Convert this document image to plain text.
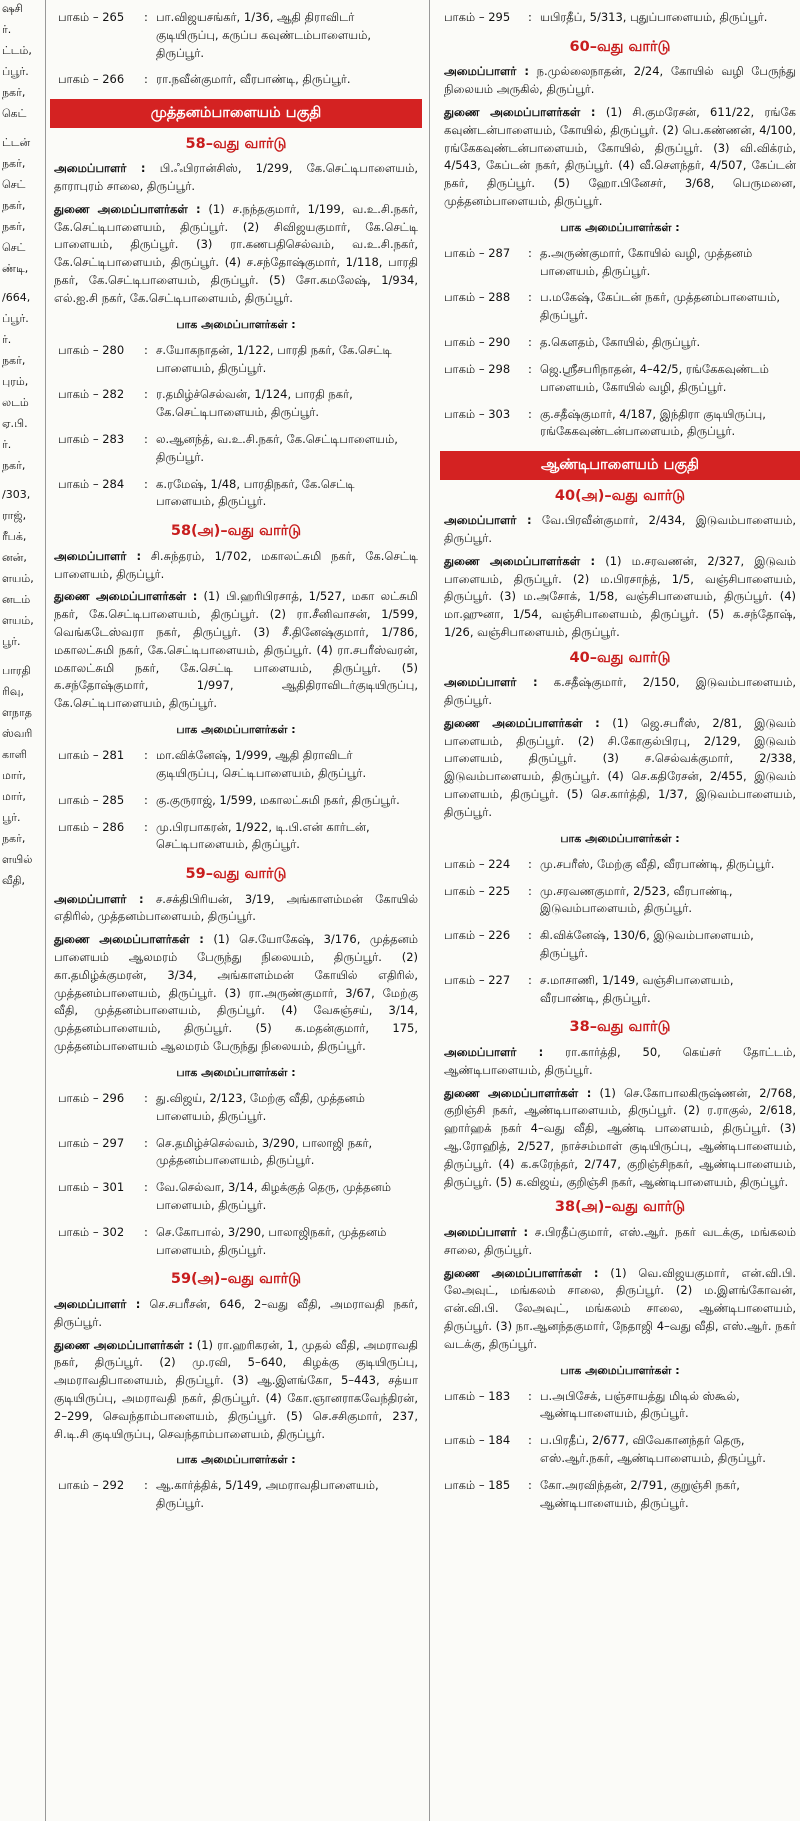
ஷசி
ர்.
ட்டம்,
ப்பூர்.
நகர்,
கெட்
ட்டன்
நகர்,
செட்
நகர்,
நகர்,
செட்
ண்டி,
/664,
ப்பூர்.
ர்.
நகர்,
புரம்,
லடம்
ஏ.பி.
ர்.
நகர்,
/303,
ராஜ்,
ரீபக்,
னன்,
ளயம்,
னடம்
ளயம்,
பூர்.
பாரதி
ரிவு,
ளநாத
ஸ்வரி
காளி
மார்,
மார்,
பூர்.
நகர்,
ளயில்
வீதி,
பாகம் – 265	: பா.விஜயசங்கர், 1/36, ஆதி திராவிடர் குடியிருப்பு, கருப்ப கவுண்டம்பாளையம், திருப்பூர்.
பாகம் – 266	: ரா.நவீன்குமார், வீரபாண்டி, திருப்பூர்.
முத்தனம்பாளையம் பகுதி
58–வது வார்டு
அமைப்பாளர் : பி.ஃபிரான்சிஸ், 1/299, கே.செட்டிபாளையம், தாராபுரம் சாலை, திருப்பூர்.
துணை அமைப்பாளர்கள் : (1) ச.நந்தகுமார், 1/199, வ.உ.சி.நகர், கே.செட்டிபாளையம், திருப்பூர். (2) சிவிஜயகுமார், கே.செட்டி பாளையம், திருப்பூர். (3) ரா.கணபதிசெல்வம், வ.உ.சி.நகர், கே.செட்டிபாளையம், திருப்பூர். (4) ச.சந்தோஷ்குமார், 1/118, பாரதி நகர், கே.செட்டிபாளையம், திருப்பூர். (5) சோ.கமலேஷ், 1/934, எல்.ஐ.சி நகர், கே.செட்டிபாளையம், திருப்பூர்.
பாக அமைப்பாளர்கள் :
பாகம் – 280	: ச.யோகநாதன், 1/122, பாரதி நகர், கே.செட்டி பாளையம், திருப்பூர்.
பாகம் – 282	: ர.தமிழ்ச்செல்வன், 1/124, பாரதி நகர், கே.செட்டிபாளையம், திருப்பூர்.
பாகம் – 283	: ல.ஆனந்த், வ.உ.சி.நகர், கே.செட்டிபாளையம், திருப்பூர்.
பாகம் – 284	: க.ரமேஷ், 1/48, பாரதிநகர், கே.செட்டி பாளையம், திருப்பூர்.
58(அ)–வது வார்டு
அமைப்பாளர் : சி.சுந்தரம், 1/702, மகாலட்சுமி நகர், கே.செட்டி பாளையம், திருப்பூர்.
துணை அமைப்பாளர்கள் : (1) பி.ஹரிபிரசாத், 1/527, மகா லட்சுமி நகர், கே.செட்டிபாளையம், திருப்பூர். (2) ரா.சீனிவாசன், 1/599, வெங்கடேஸ்வரா நகர், திருப்பூர். (3) சீ.தினேஷ்குமார், 1/786, மகாலட்சுமி நகர், கே.செட்டிபாளையம், திருப்பூர். (4) ரா.சபரீஸ்வரன், மகாலட்சுமி நகர், கே.செட்டி பாளையம், திருப்பூர். (5) க.சந்தோஷ்குமார், 1/997, ஆதிதிராவிடர்குடியிருப்பு, கே.செட்டிபாளையம், திருப்பூர்.
பாக அமைப்பாளர்கள் :
பாகம் – 281	: மா.விக்னேஷ், 1/999, ஆதி திராவிடர் குடியிருப்பு, செட்டிபாளையம், திருப்பூர்.
பாகம் – 285	: கு.குருராஜ், 1/599, மகாலட்சுமி நகர், திருப்பூர்.
பாகம் – 286	: மு.பிரபாகரன், 1/922, டி.பி.என் கார்டன், செட்டிபாளையம், திருப்பூர்.
59–வது வார்டு
அமைப்பாளர் : ச.சக்திபிரியன், 3/19, அங்காளம்மன் கோயில் எதிரில், முத்தனம்பாளையம், திருப்பூர்.
துணை அமைப்பாளர்கள் : (1) செ.யோகேஷ், 3/176, முத்தனம் பாளையம் ஆலமரம் பேருந்து நிலையம், திருப்பூர். (2) கா.தமிழ்க்குமரன், 3/34, அங்காளம்மன் கோயில் எதிரில், முத்தனம்பாளையம், திருப்பூர். (3) ரா.அருண்குமார், 3/67, மேற்கு வீதி, முத்தனம்பாளையம், திருப்பூர். (4) வேசுஞ்சய், 3/14, முத்தனம்பாளையம், திருப்பூர். (5) க.மதன்குமார், 175, முத்தனம்பாளையம் ஆலமரம் பேருந்து நிலையம், திருப்பூர்.
பாக அமைப்பாளர்கள் :
பாகம் – 296	: து.விஜய், 2/123, மேற்கு வீதி, முத்தனம் பாளையம், திருப்பூர்.
பாகம் – 297	: செ.தமிழ்ச்செல்வம், 3/290, பாலாஜி நகர், முத்தனம்பாளையம், திருப்பூர்.
பாகம் – 301	: வே.செல்வா, 3/14, கிழக்குத் தெரு, முத்தனம் பாளையம், திருப்பூர்.
பாகம் – 302	: செ.கோபால், 3/290, பாலாஜிநகர், முத்தனம் பாளையம், திருப்பூர்.
59(அ)–வது வார்டு
அமைப்பாளர் : செ.சபரீசன், 646, 2–வது வீதி, அமராவதி நகர், திருப்பூர்.
துணை அமைப்பாளர்கள் : (1) ரா.ஹரிகரன், 1, முதல் வீதி, அமராவதி நகர், திருப்பூர். (2) மு.ரவி, 5–640, கிழக்கு குடியிருப்பு, அமராவதிபாளையம், திருப்பூர். (3) ஆ.இளங்கோ, 5–443, சத்யா குடியிருப்பு, அமராவதி நகர், திருப்பூர். (4) கோ.ஞானராகவேந்திரன், 2–299, செவந்தாம்பாளையம், திருப்பூர். (5) செ.சசிகுமார், 237, சி.டி.சி குடியிருப்பு, செவந்தாம்பாளையம், திருப்பூர்.
பாக அமைப்பாளர்கள் :
பாகம் – 292	: ஆ.கார்த்திக், 5/149, அமராவதிபாளையம், திருப்பூர்.
பாகம் – 295	: யபிரதீப், 5/313, புதுப்பாளையம், திருப்பூர்.
60–வது வார்டு
அமைப்பாளர் : ந.முல்லைநாதன், 2/24, கோயில் வழி பேருந்து நிலையம் அருகில், திருப்பூர்.
துணை அமைப்பாளர்கள் : (1) சி.குமரேசன், 611/22, ரங்கே கவுண்டன்பாளையம், கோயில், திருப்பூர். (2) பெ.கண்ணன், 4/100, ரங்கேகவுண்டன்பாளையம், கோயில், திருப்பூர். (3) வி.விக்ரம், 4/543, கேப்டன் நகர், திருப்பூர். (4) வீ.சௌந்தர், 4/507, கேப்டன் நகர், திருப்பூர். (5) ஹோ.பினேசர், 3/68, பெருமனை, முத்தனம்பாளையம், திருப்பூர்.
பாக அமைப்பாளர்கள் :
பாகம் – 287	: த.அருண்குமார், கோயில் வழி, முத்தனம் பாளையம், திருப்பூர்.
பாகம் – 288	: ப.மகேஷ், கேப்டன் நகர், முத்தனம்பாளையம், திருப்பூர்.
பாகம் – 290	: த.கௌதம், கோயில், திருப்பூர்.
பாகம் – 298	: ஜெ.ஸ்ரீசபரிநாதன், 4–42/5, ரங்கேகவுண்டம் பாளையம், கோயில் வழி, திருப்பூர்.
பாகம் – 303	: கு.சதீஷ்குமார், 4/187, இந்திரா குடியிருப்பு, ரங்கேகவுண்டன்பாளையம், திருப்பூர்.
ஆண்டிபாளையம் பகுதி
40(அ)–வது வார்டு
அமைப்பாளர் : வே.பிரவீன்குமார், 2/434, இடுவம்பாளையம், திருப்பூர்.
துணை அமைப்பாளர்கள் : (1) ம.சரவணன், 2/327, இடுவம் பாளையம், திருப்பூர். (2) ம.பிரசாந்த், 1/5, வஞ்சிபாளையம், திருப்பூர். (3) ம.அசோக், 1/58, வஞ்சிபாளையம், திருப்பூர். (4) மா.ஹுனா, 1/54, வஞ்சிபாளையம், திருப்பூர். (5) க.சந்தோஷ், 1/26, வஞ்சிபாளையம், திருப்பூர்.
40–வது வார்டு
அமைப்பாளர் : க.சதீஷ்குமார், 2/150, இடுவம்பாளையம், திருப்பூர்.
துணை அமைப்பாளர்கள் : (1) ஜெ.சபரீஸ், 2/81, இடுவம் பாளையம், திருப்பூர். (2) சி.கோகுல்பிரபு, 2/129, இடுவம் பாளையம், திருப்பூர். (3) ச.செல்வக்குமார், 2/338, இடுவம்பாளையம், திருப்பூர். (4) செ.கதிரேசன், 2/455, இடுவம் பாளையம், திருப்பூர். (5) செ.கார்த்தி, 1/37, இடுவம்பாளையம், திருப்பூர்.
பாக அமைப்பாளர்கள் :
பாகம் – 224	: மு.சபரீஸ், மேற்கு வீதி, வீரபாண்டி, திருப்பூர்.
பாகம் – 225	: மு.சரவணகுமார், 2/523, வீரபாண்டி, இடுவம்பாளையம், திருப்பூர்.
பாகம் – 226	: கி.விக்னேஷ், 130/6, இடுவம்பாளையம், திருப்பூர்.
பாகம் – 227	: ச.மாசாணி, 1/149, வஞ்சிபாளையம், வீரபாண்டி, திருப்பூர்.
38–வது வார்டு
அமைப்பாளர் : ரா.கார்த்தி, 50, கெய்சர் தோட்டம், ஆண்டிபாளையம், திருப்பூர்.
துணை அமைப்பாளர்கள் : (1) செ.கோபாலகிருஷ்ணன், 2/768, குறிஞ்சி நகர், ஆண்டிபாளையம், திருப்பூர். (2) ர.ராகுல், 2/618, ஹார்ஹக் நகர் 4–வது வீதி, ஆண்டி பாளையம், திருப்பூர். (3) ஆ.ரோஹித், 2/527, நாச்சம்மாள் குடியிருப்பு, ஆண்டிபாளையம், திருப்பூர். (4) க.சுரேந்தர், 2/747, குறிஞ்சிநகர், ஆண்டிபாளையம், திருப்பூர். (5) க.விஜய், குறிஞ்சி நகர், ஆண்டிபாளையம், திருப்பூர்.
38(அ)–வது வார்டு
அமைப்பாளர் : ச.பிரதீப்குமார், எஸ்.ஆர். நகர் வடக்கு, மங்கலம் சாலை, திருப்பூர்.
துணை அமைப்பாளர்கள் : (1) வெ.விஜயகுமார், என்.வி.பி. லேஅவுட், மங்கலம் சாலை, திருப்பூர். (2) ம.இளங்கோவன், என்.வி.பி. லேஅவுட், மங்கலம் சாலை, ஆண்டிபாளையம், திருப்பூர். (3) நா.ஆனந்தகுமார், நேதாஜி 4–வது வீதி, எஸ்.ஆர். நகர் வடக்கு, திருப்பூர்.
பாக அமைப்பாளர்கள் :
பாகம் – 183	: ப.அபிசேக், பஞ்சாயத்து மிடில் ஸ்கூல், ஆண்டிபாளையம், திருப்பூர்.
பாகம் – 184	: ப.பிரதீப், 2/677, விவேகானந்தர் தெரு, எஸ்.ஆர்.நகர், ஆண்டிபாளையம், திருப்பூர்.
பாகம் – 185	: கோ.அரவிந்தன், 2/791, குறுஞ்சி நகர், ஆண்டிபாளையம், திருப்பூர்.
